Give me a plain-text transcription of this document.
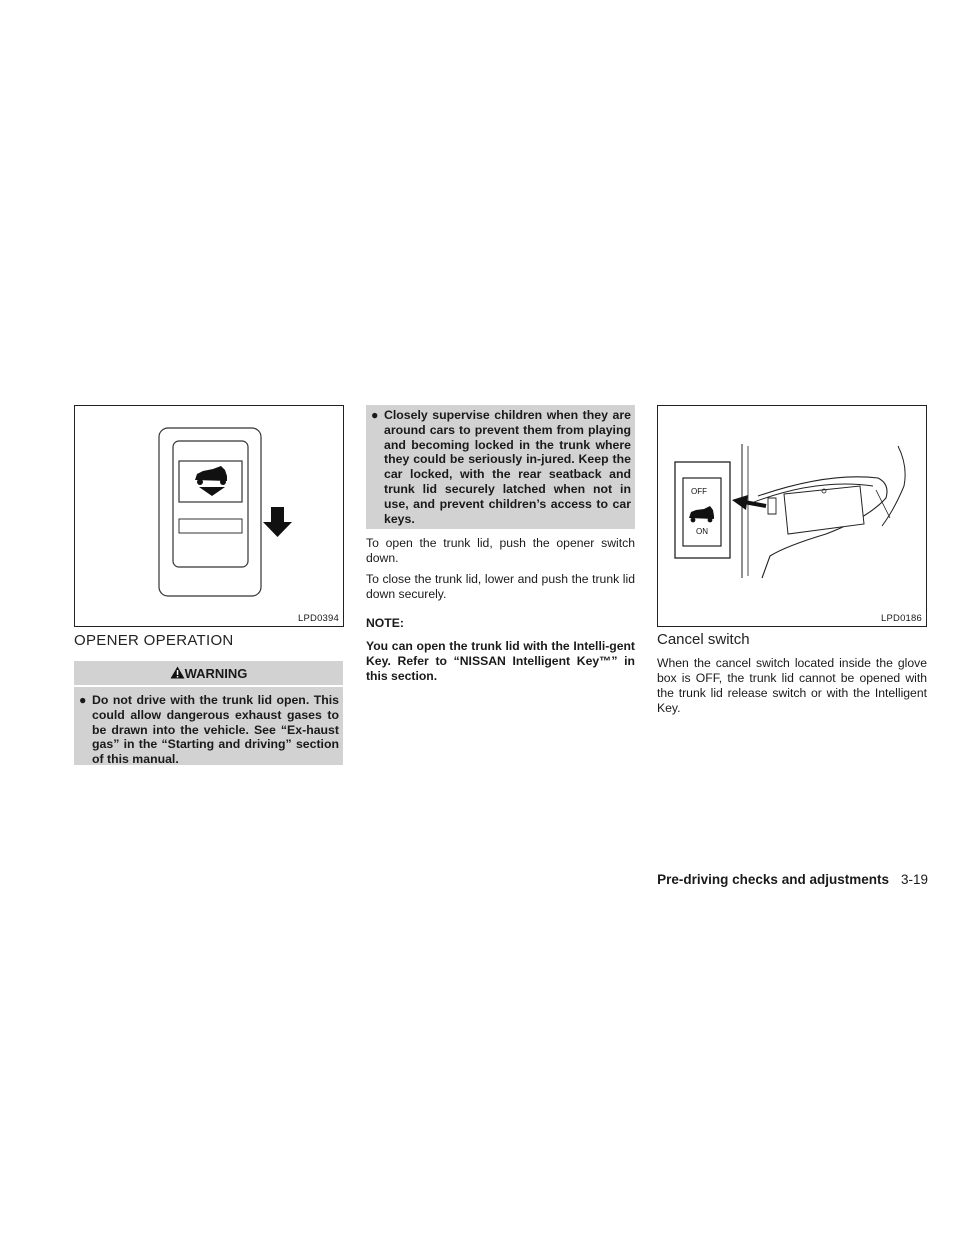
LPD0394
OPENER OPERATION
WARNING
● Do not drive with the trunk lid open. This could allow dangerous exhaust gases to be drawn into the vehicle. See “Ex-haust gas” in the “Starting and driving” section of this manual.
● Closely supervise children when they are around cars to prevent them from playing and becoming locked in the trunk where they could be seriously in-jured. Keep the car locked, with the rear seatback and trunk lid securely latched when not in use, and prevent children’s access to car keys.

To open the trunk lid, push the opener switch down.

To close the trunk lid, lower and push the trunk lid down securely.

NOTE:

You can open the trunk lid with the Intelli-gent Key. Refer to “NISSAN Intelligent Key™” in this section.

OFF
ON
LPD0186
Cancel switch

When the cancel switch located inside the glove box is OFF, the trunk lid cannot be opened with the trunk lid release switch or with the Intelligent Key.

Pre-driving checks and adjustments 3-19
